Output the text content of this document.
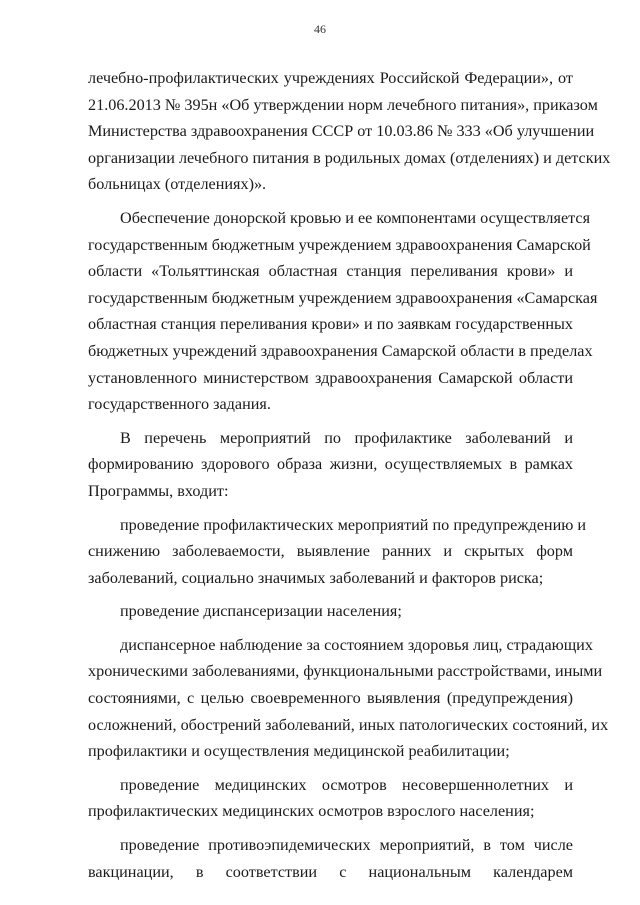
46
лечебно-профилактических учреждениях Российской Федерации», от
21.06.2013 № 395н «Об утверждении норм лечебного питания», приказом
Министерства здравоохранения СССР от 10.03.86 № 333 «Об улучшении
организации лечебного питания в родильных домах (отделениях) и детских
больницах (отделениях)».
Обеспечение донорской кровью и ее компонентами осуществляется
государственным бюджетным учреждением здравоохранения Самарской
области «Тольяттинская областная станция переливания крови» и
государственным бюджетным учреждением здравоохранения «Самарская
областная станция переливания крови» и по заявкам государственных
бюджетных учреждений здравоохранения Самарской области в пределах
установленного министерством здравоохранения Самарской области
государственного задания.
В перечень мероприятий по профилактике заболеваний и
формированию здорового образа жизни, осуществляемых в рамках
Программы, входит:
проведение профилактических мероприятий по предупреждению и
снижению заболеваемости, выявление ранних и скрытых форм
заболеваний, социально значимых заболеваний и факторов риска;
проведение диспансеризации населения;
диспансерное наблюдение за состоянием здоровья лиц, страдающих
хроническими заболеваниями, функциональными расстройствами, иными
состояниями, с целью своевременного выявления (предупреждения)
осложнений, обострений заболеваний, иных патологических состояний, их
профилактики и осуществления медицинской реабилитации;
проведение медицинских осмотров несовершеннолетних и
профилактических медицинских осмотров взрослого населения;
проведение противоэпидемических мероприятий, в том числе
вакцинации, в соответствии с национальным календарем
